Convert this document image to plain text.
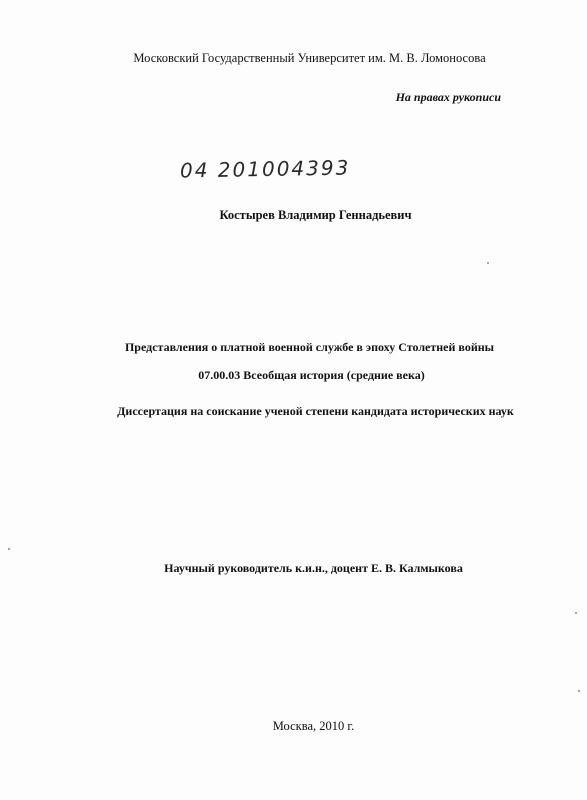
Московский Государственный Университет им. М. В. Ломоносова
На правах рукописи
04 201004393
Костырев Владимир Геннадьевич
Представления о платной военной службе в эпоху Столетней войны
07.00.03 Всеобщая история (средние века)
Диссертация на соискание ученой степени кандидата исторических наук
Научный руководитель к.и.н., доцент Е. В. Калмыкова
Москва, 2010 г.
